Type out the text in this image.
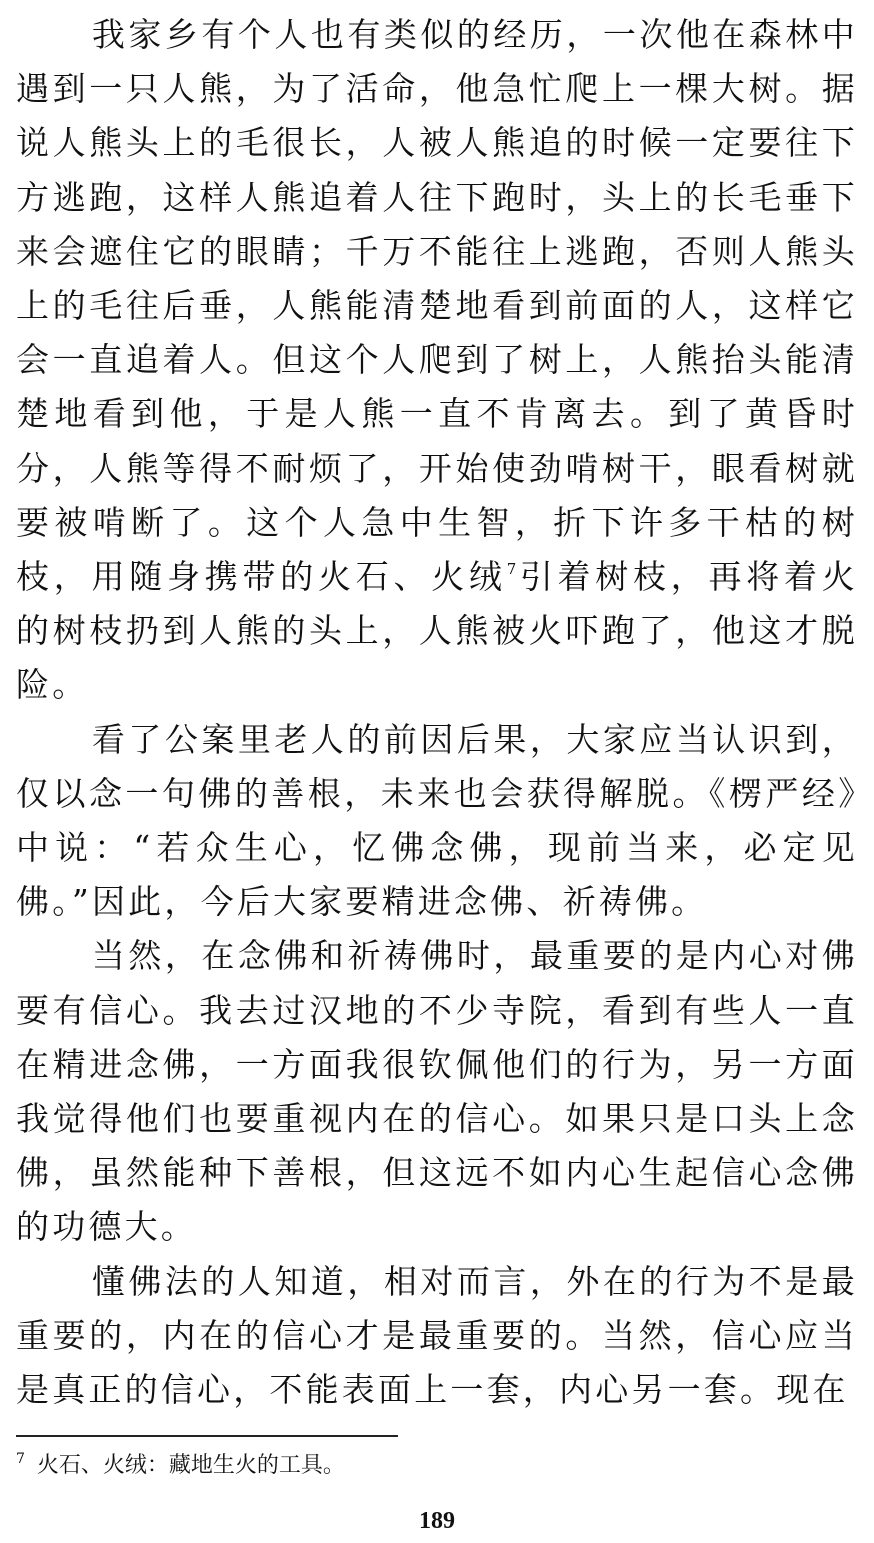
我家乡有个人也有类似的经历，一次他在森林中遇到一只人熊，为了活命，他急忙爬上一棵大树。据说人熊头上的毛很长，人被人熊追的时候一定要往下方逃跑，这样人熊追着人往下跑时，头上的长毛垂下来会遮住它的眼睛；千万不能往上逃跑，否则人熊头上的毛往后垂，人熊能清楚地看到前面的人，这样它会一直追着人。但这个人爬到了树上，人熊抬头能清楚地看到他，于是人熊一直不肯离去。到了黄昏时分，人熊等得不耐烦了，开始使劲啃树干，眼看树就要被啃断了。这个人急中生智，折下许多干枯的树枝，用随身携带的火石、火绒$^7$引着树枝，再将着火的树枝扔到人熊的头上，人熊被火吓跑了，他这才脱险。

看了公案里老人的前因后果，大家应当认识到，仅以念一句佛的善根，未来也会获得解脱。《楞严经》中说：“若众生心，忆佛念佛，现前当来，必定见佛。”因此，今后大家要精进念佛、祈祷佛。

当然，在念佛和祈祷佛时，最重要的是内心对佛要有信心。我去过汉地的不少寺院，看到有些人一直在精进念佛，一方面我很钦佩他们的行为，另一方面我觉得他们也要重视内在的信心。如果只是口头上念佛，虽然能种下善根，但这远不如内心生起信心念佛的功德大。

懂佛法的人知道，相对而言，外在的行为不是最重要的，内在的信心才是最重要的。当然，信心应当是真正的信心，不能表面上一套，内心另一套。现在

$^7$ 火石、火绒：藏地生火的工具。
189
